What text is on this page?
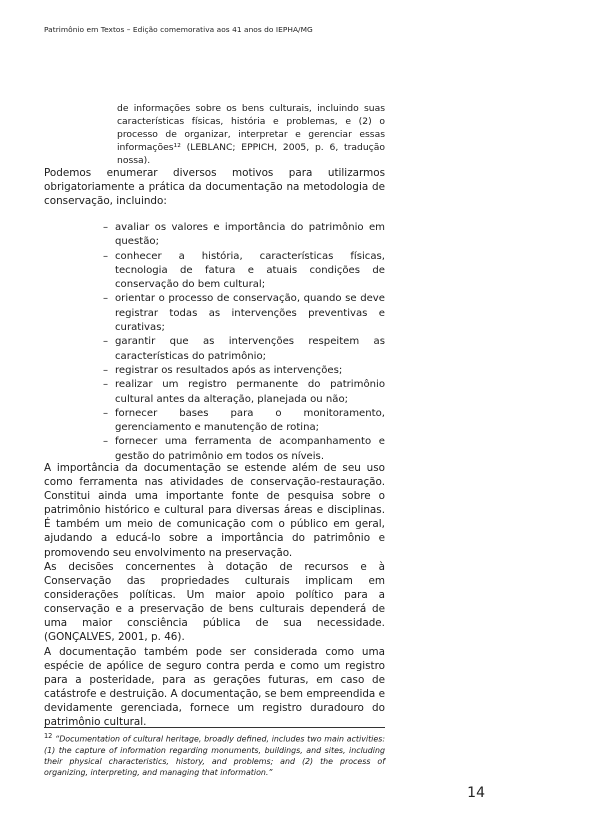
Patrimônio em Textos – Edição comemorativa aos 41 anos do IEPHA/MG
de informações sobre os bens culturais, incluindo suas características físicas, história e problemas, e (2) o processo de organizar, interpretar e gerenciar essas informações¹² (LEBLANC; EPPICH, 2005, p. 6, tradução nossa).

Podemos enumerar diversos motivos para utilizarmos obrigatoriamente a prática da documentação na metodologia de conservação, incluindo:

– avaliar os valores e importância do patrimônio em questão;
– conhecer a história, características físicas, tecnologia de fatura e atuais condições de conservação do bem cultural;
– orientar o processo de conservação, quando se deve registrar todas as intervenções preventivas e curativas;
– garantir que as intervenções respeitem as características do patrimônio;
– registrar os resultados após as intervenções;
– realizar um registro permanente do patrimônio cultural antes da alteração, planejada ou não;
– fornecer bases para o monitoramento, gerenciamento e manutenção de rotina;
– fornecer uma ferramenta de acompanhamento e gestão do patrimônio em todos os níveis.

A importância da documentação se estende além de seu uso como ferramenta nas atividades de conservação-restauração. Constitui ainda uma importante fonte de pesquisa sobre o patrimônio histórico e cultural para diversas áreas e disciplinas. É também um meio de comunicação com o público em geral, ajudando a educá-lo sobre a importância do patrimônio e promovendo seu envolvimento na preservação.

As decisões concernentes à dotação de recursos e à Conservação das propriedades culturais implicam em considerações políticas. Um maior apoio político para a conservação e a preservação de bens culturais dependerá de uma maior consciência pública de sua necessidade. (GONÇALVES, 2001, p. 46).

A documentação também pode ser considerada como uma espécie de apólice de seguro contra perda e como um registro para a posteridade, para as gerações futuras, em caso de catástrofe e destruição. A documentação, se bem empreendida e devidamente gerenciada, fornece um registro duradouro do patrimônio cultural.

$^{12}$ “Documentation of cultural heritage, broadly defined, includes two main activities: (1) the capture of information regarding monuments, buildings, and sites, including their physical characteristics, history, and problems; and (2) the process of organizing, interpreting, and managing that information.”
14
